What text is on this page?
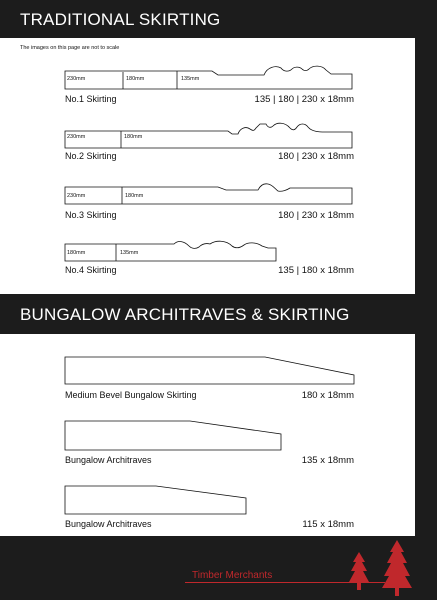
TRADITIONAL SKIRTING
The images on this page are not to scale
230mm	180mm	135mm
230mm	180mm
230mm	180mm
180mm	135mm
No.1 Skirting	135 | 180 | 230 x 18mm
No.2 Skirting	180 | 230 x 18mm
No.3 Skirting	180 | 230 x 18mm
No.4 Skirting	135 | 180 x 18mm
BUNGALOW ARCHITRAVES & SKIRTING
Medium Bevel Bungalow Skirting	180 x 18mm
Bungalow Architraves	135 x 18mm
Bungalow Architraves	115 x 18mm
Timber Merchants
